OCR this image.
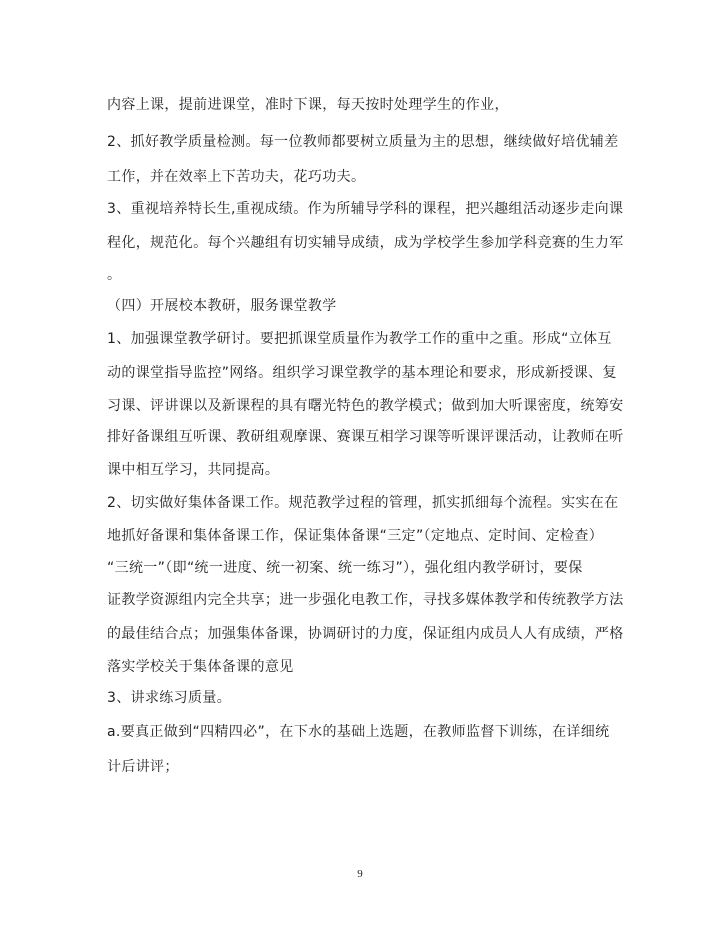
内容上课，提前进课堂，准时下课，每天按时处理学生的作业，
2、抓好教学质量检测。每一位教师都要树立质量为主的思想，继续做好培优辅差
工作，并在效率上下苦功夫，花巧功夫。
3、重视培养特长生,重视成绩。作为所辅导学科的课程，把兴趣组活动逐步走向课
程化，规范化。每个兴趣组有切实辅导成绩，成为学校学生参加学科竞赛的生力军
。
（四）开展校本教研，服务课堂教学
1、加强课堂教学研讨。要把抓课堂质量作为教学工作的重中之重。形成“立体互
动的课堂指导监控”网络。组织学习课堂教学的基本理论和要求，形成新授课、复
习课、评讲课以及新课程的具有曙光特色的教学模式；做到加大听课密度，统筹安
排好备课组互听课、教研组观摩课、赛课互相学习课等听课评课活动，让教师在听
课中相互学习，共同提高。
2、切实做好集体备课工作。规范教学过程的管理，抓实抓细每个流程。实实在在
地抓好备课和集体备课工作，保证集体备课“三定”（定地点、定时间、定检查）
“三统一”（即“统一进度、统一初案、统一练习”），强化组内教学研讨，要保
证教学资源组内完全共享；进一步强化电教工作，寻找多媒体教学和传统教学方法
的最佳结合点；加强集体备课，协调研讨的力度，保证组内成员人人有成绩，严格
落实学校关于集体备课的意见
3、讲求练习质量。
a.要真正做到“四精四必”，在下水的基础上选题，在教师监督下训练，在详细统
计后讲评；
9
